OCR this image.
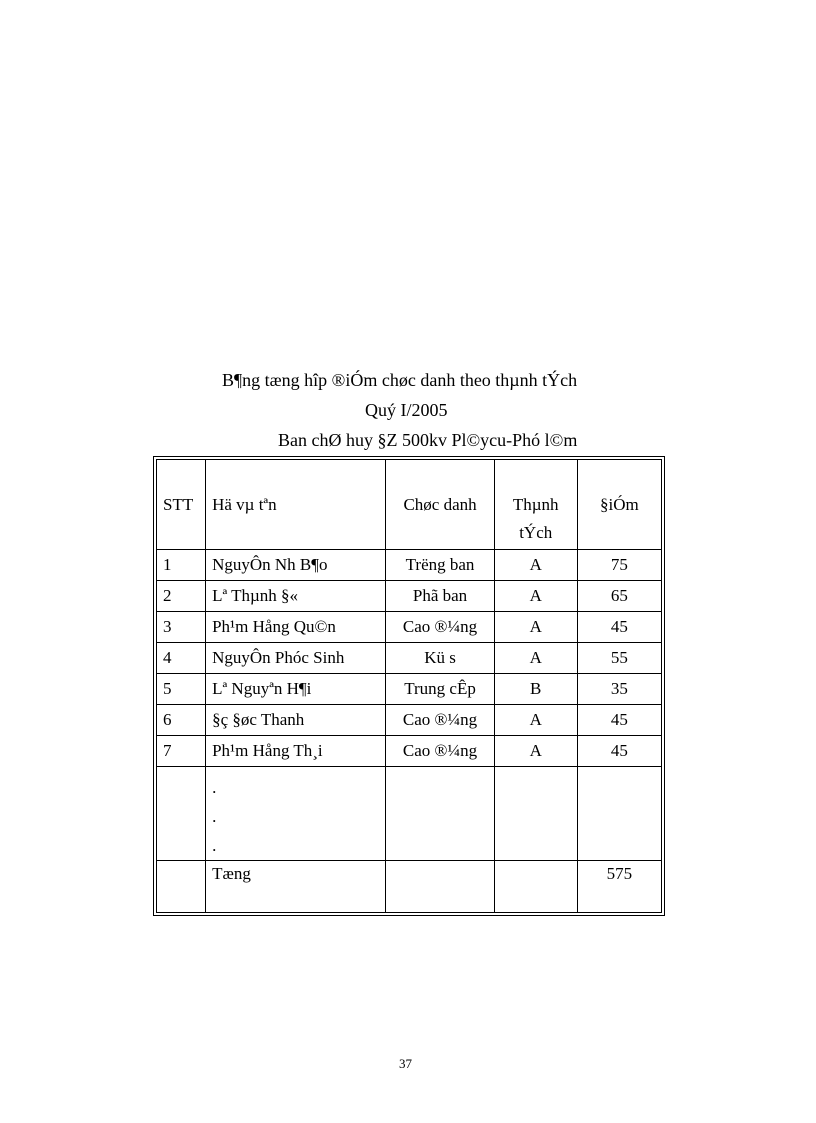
B¶ng tæng hîp ®iÓm chøc danh theo thµnh tÝch
Quý I/2005
Ban chØ huy §Z 500kv Pl©ycu-Phó l©m
STT	Hä vµ tªn	Chøc danh	Thµnh tÝch	§iÓm
1	NguyÔn Nh B¶o	Trëng ban	A	75
2	Lª Thµnh §«	Phã ban	A	65
3	Ph¹m Hång Qu©n	Cao ®¼ng	A	45
4	NguyÔn Phóc Sinh	Kü s	A	55
5	Lª Nguyªn H¶i	Trung cÊp	B	35
6	§ç §øc Thanh	Cao ®¼ng	A	45
7	Ph¹m Hång Th¸i	Cao ®¼ng	A	45

	.
.
.			

	Tæng			575
37
